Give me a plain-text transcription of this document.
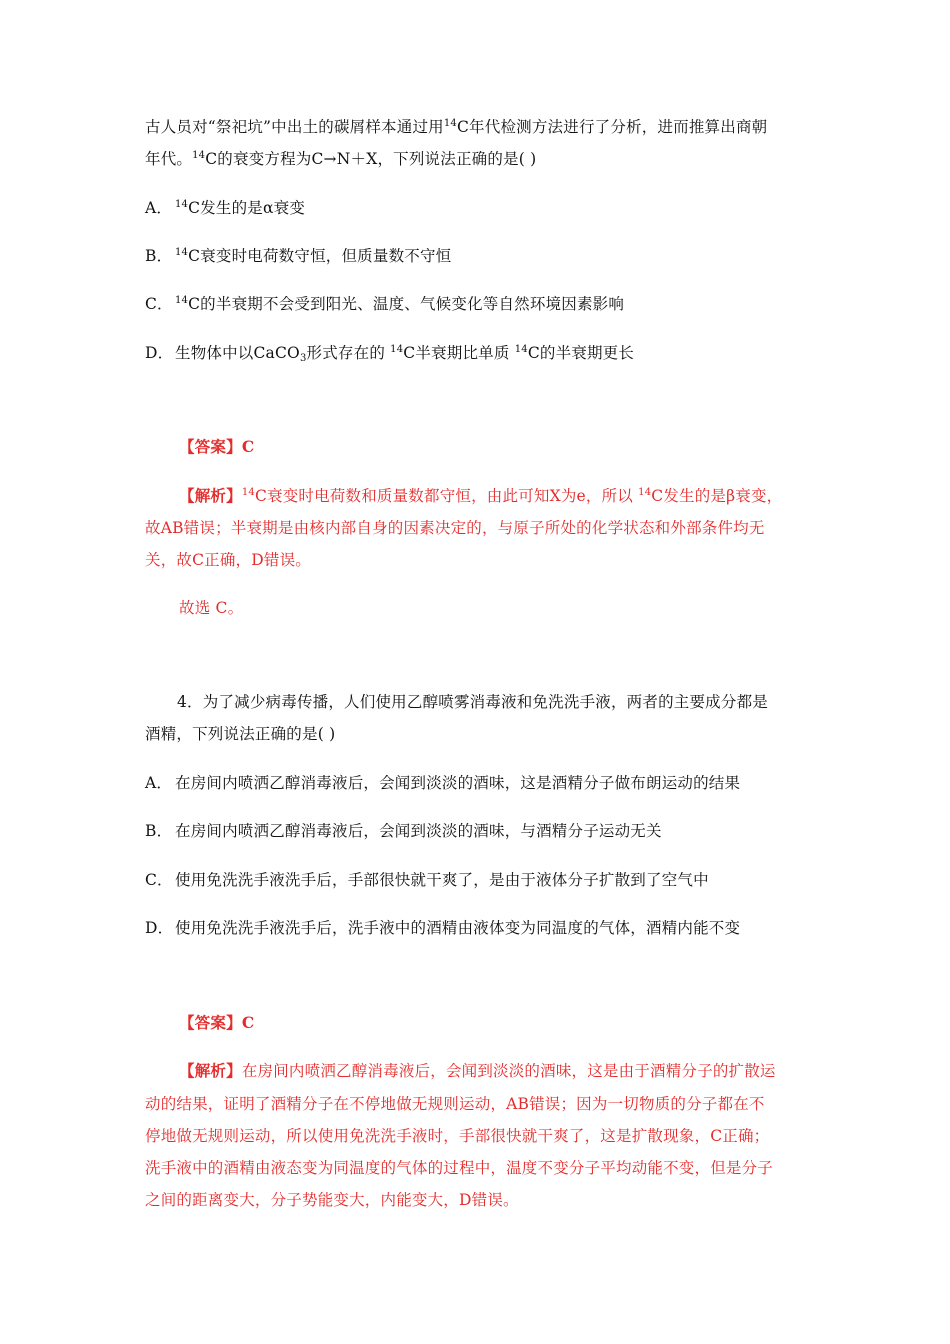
古人员对“祭祀坑”中出土的碳屑样本通过用$^{14}$C年代检测方法进行了分析，进而推算出商朝
年代。$^{14}$C的衰变方程为C→N＋X，下列说法正确的是( )
A． $^{14}$C发生的是α衰变
B． $^{14}$C衰变时电荷数守恒，但质量数不守恒
C． $^{14}$C的半衰期不会受到阳光、温度、气候变化等自然环境因素影响
D． 生物体中以CaCO$_3$形式存在的 $^{14}$C半衰期比单质 $^{14}$C的半衰期更长
【答案】C
【解析】$^{14}$C衰变时电荷数和质量数都守恒，由此可知X为e，所以 $^{14}$C发生的是β衰变，
故AB错误；半衰期是由核内部自身的因素决定的，与原子所处的化学状态和外部条件均无
关，故C正确，D错误。
故选 C。
4．为了减少病毒传播，人们使用乙醇喷雾消毒液和免洗洗手液，两者的主要成分都是
酒精，下列说法正确的是( )
A． 在房间内喷洒乙醇消毒液后，会闻到淡淡的酒味，这是酒精分子做布朗运动的结果
B． 在房间内喷洒乙醇消毒液后，会闻到淡淡的酒味，与酒精分子运动无关
C． 使用免洗洗手液洗手后，手部很快就干爽了，是由于液体分子扩散到了空气中
D． 使用免洗洗手液洗手后，洗手液中的酒精由液体变为同温度的气体，酒精内能不变
【答案】C
【解析】在房间内喷洒乙醇消毒液后，会闻到淡淡的酒味，这是由于酒精分子的扩散运
动的结果，证明了酒精分子在不停地做无规则运动，AB错误；因为一切物质的分子都在不
停地做无规则运动，所以使用免洗洗手液时，手部很快就干爽了，这是扩散现象，C正确；
洗手液中的酒精由液态变为同温度的气体的过程中，温度不变分子平均动能不变，但是分子
之间的距离变大，分子势能变大，内能变大，D错误。
